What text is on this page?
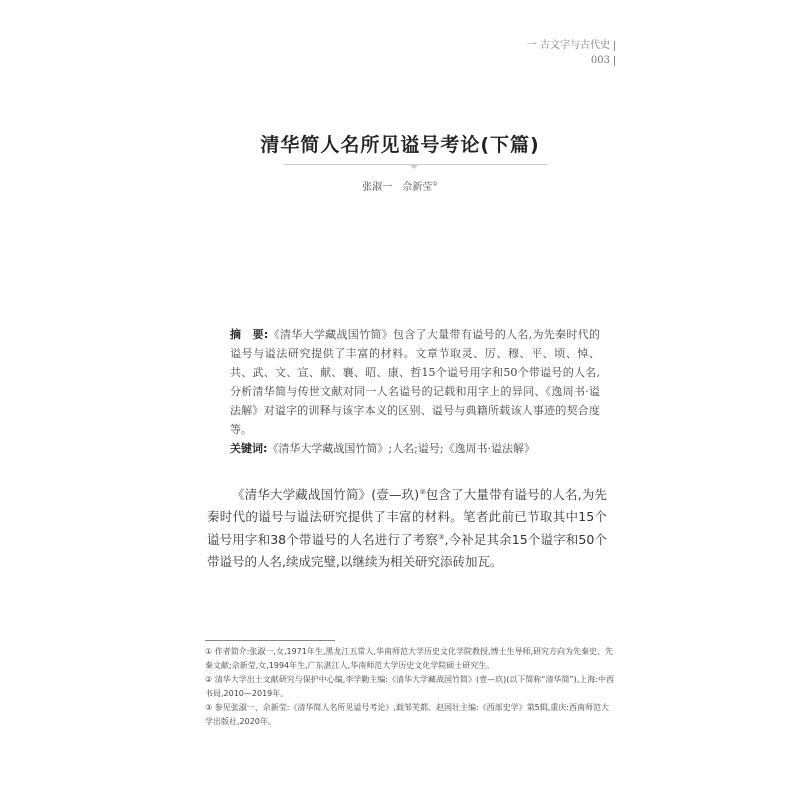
一 古文字与古代史
003
清华简人名所见谥号考论(下篇)
张淑一　佘新莹①
摘　要:《清华大学藏战国竹简》包含了大量带有谥号的人名,为先秦时代的谥号与谥法研究提供了丰富的材料。文章节取灵、厉、穆、平、顷、悼、共、武、文、宣、献、襄、昭、康、哲15个谥号用字和50个带谥号的人名,分析清华简与传世文献对同一人名谥号的记载和用字上的异同、《逸周书·谥法解》对谥字的训释与该字本义的区别、谥号与典籍所载该人事迹的契合度等。
关键词:《清华大学藏战国竹简》;人名;谥号;《逸周书·谥法解》
《清华大学藏战国竹简》(壹—玖)②包含了大量带有谥号的人名,为先秦时代的谥号与谥法研究提供了丰富的材料。笔者此前已节取其中15个谥号用字和38个带谥号的人名进行了考察③,今补足其余15个谥字和50个带谥号的人名,续成完璧,以继续为相关研究添砖加瓦。

① 作者简介:张淑一,女,1971年生,黑龙江五常人,华南师范大学历史文化学院教授,博士生导师,研究方向为先秦史、先秦文献;佘新莹,女,1994年生,广东湛江人,华南师范大学历史文化学院硕士研究生。

② 清华大学出土文献研究与保护中心编,李学勤主编:《清华大学藏战国竹简》(壹—玖)(以下简称“清华简”),上海:中西书局,2010—2019年。

③ 参见张淑一、佘新莹:《清华简人名所见谥号考论》,载邹芙都、赵国壮主编:《西部史学》第5辑,重庆:西南师范大学出版社,2020年。
